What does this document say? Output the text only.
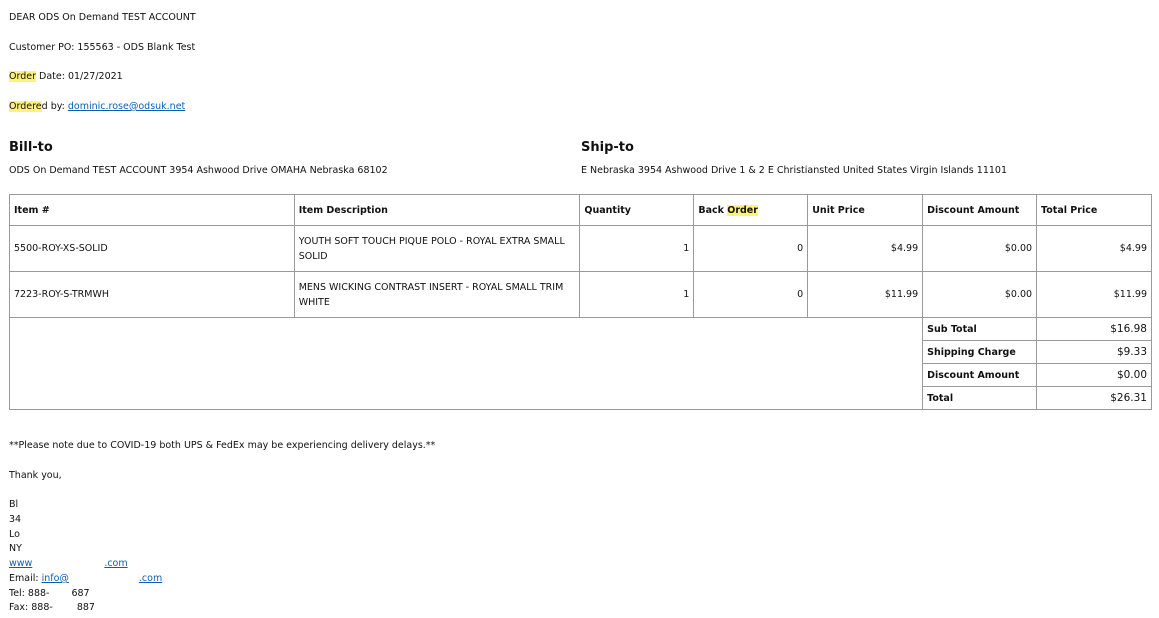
DEAR ODS On Demand TEST ACCOUNT
Customer PO: 155563 - ODS Blank Test
Order Date: 01/27/2021
Ordered by: dominic.rose@odsuk.net
Bill-to
ODS On Demand TEST ACCOUNT 3954 Ashwood Drive OMAHA Nebraska 68102
Ship-to
E Nebraska 3954 Ashwood Drive 1 & 2 E Christiansted United States Virgin Islands 11101
Item #	Item Description	Quantity	Back Order	Unit Price	Discount Amount	Total Price
5500-ROY-XS-SOLID	YOUTH SOFT TOUCH PIQUE POLO - ROYAL EXTRA SMALL SOLID	1	0	$4.99	$0.00	$4.99
7223-ROY-S-TRMWH	MENS WICKING CONTRAST INSERT - ROYAL SMALL TRIM WHITE	1	0	$11.99	$0.00	$11.99
					Sub Total	$16.98
					Shipping Charge	$9.33
					Discount Amount	$0.00
					Total	$26.31
**Please note due to COVID-19 both UPS & FedEx may be experiencing delivery delays.**
Thank you,
Bl
34
Lo
NY
www	.com
Email: info@	.com
Tel: 888- 687
Fax: 888-	887
